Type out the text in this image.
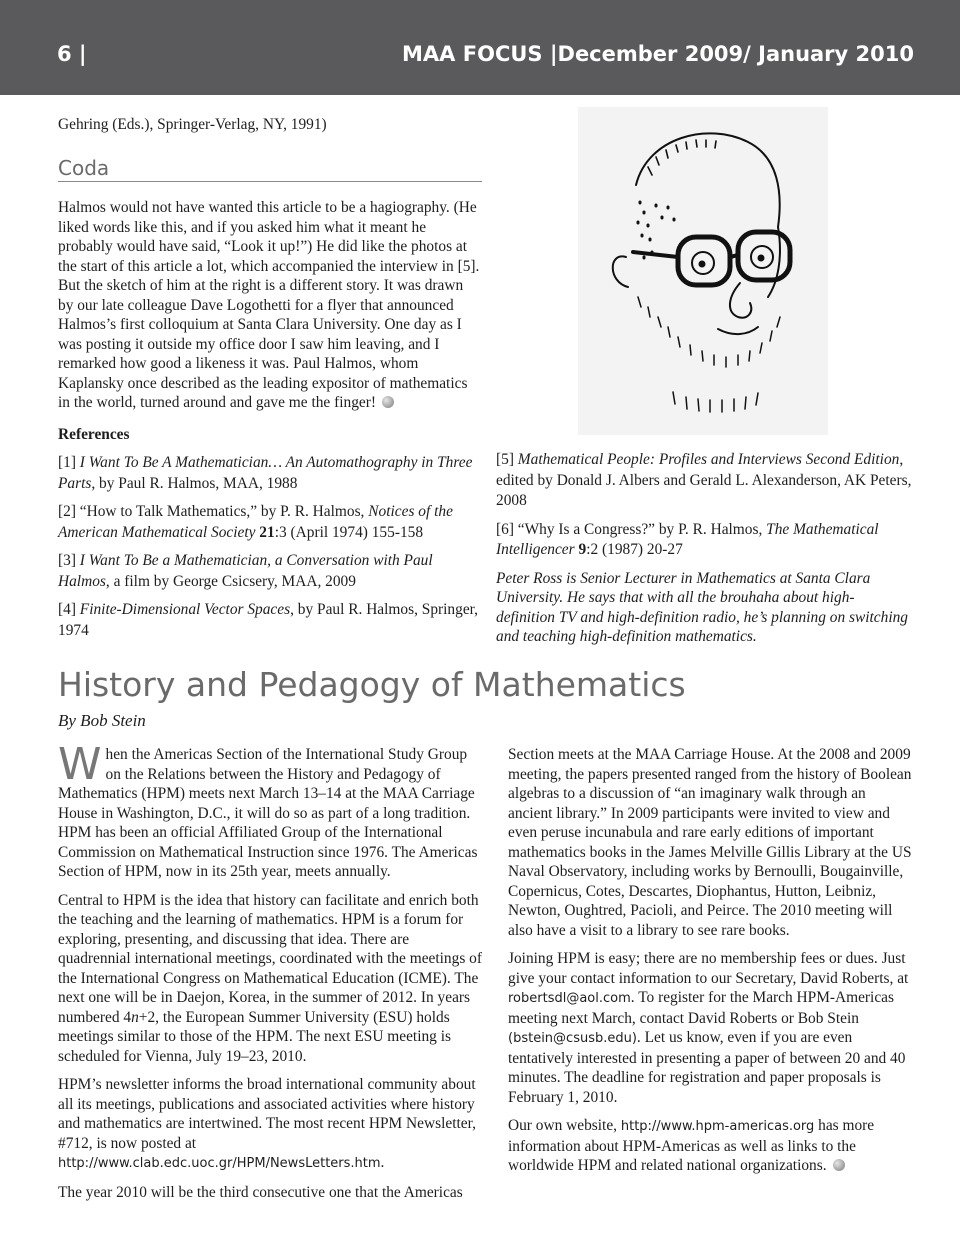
6 |	MAA FOCUS |December 2009/ January 2010

Gehring (Eds.), Springer-Verlag, NY, 1991)

Coda

Halmos would not have wanted this article to be a hagiography. (He liked words like this, and if you asked him what it meant he probably would have said, “Look it up!”) He did like the photos at the start of this article a lot, which accompanied the interview in [5]. But the sketch of him at the right is a different story. It was drawn by our late colleague Dave Logothetti for a flyer that announced Halmos’s first colloquium at Santa Clara University. One day as I was posting it outside my office door I saw him leaving, and I remarked how good a likeness it was. Paul Halmos, whom Kaplansky once described as the leading expositor of mathematics in the world, turned around and gave me the finger!

References

[1] I Want To Be A Mathematician… An Automathography in Three Parts, by Paul R. Halmos, MAA, 1988

[2] “How to Talk Mathematics,” by P. R. Halmos, Notices of the American Mathematical Society 21:3 (April 1974) 155-158

[3] I Want To Be a Mathematician, a Conversation with Paul Halmos, a film by George Csicsery, MAA, 2009

[4] Finite-Dimensional Vector Spaces, by Paul R. Halmos, Springer, 1974

[5] Mathematical People: Profiles and Interviews Second Edition, edited by Donald J. Albers and Gerald L. Alexanderson, AK Peters, 2008

[6] “Why Is a Congress?” by P. R. Halmos, The Mathematical Intelligencer 9:2 (1987) 20-27

Peter Ross is Senior Lecturer in Mathematics at Santa Clara University. He says that with all the brouhaha about high-definition TV and high-definition radio, he’s planning on switching and teaching high-definition mathematics.

History and Pedagogy of Mathematics
By Bob Stein

When the Americas Section of the International Study Group on the Relations between the History and Pedagogy of Mathematics (HPM) meets next March 13–14 at the MAA Carriage House in Washington, D.C., it will do so as part of a long tradition. HPM has been an official Affiliated Group of the International Commission on Mathematical Instruction since 1976. The Americas Section of HPM, now in its 25th year, meets annually.

Central to HPM is the idea that history can facilitate and enrich both the teaching and the learning of mathematics. HPM is a forum for exploring, presenting, and discussing that idea. There are quadrennial international meetings, coordinated with the meetings of the International Congress on Mathematical Education (ICME). The next one will be in Daejon, Korea, in the summer of 2012. In years numbered 4n+2, the European Summer University (ESU) holds meetings similar to those of the HPM. The next ESU meeting is scheduled for Vienna, July 19–23, 2010.

HPM’s newsletter informs the broad international community about all its meetings, publications and associated activities where history and mathematics are intertwined. The most recent HPM Newsletter, #712, is now posted at http://www.clab.edc.uoc.gr/HPM/NewsLetters.htm.

The year 2010 will be the third consecutive one that the Americas

Section meets at the MAA Carriage House. At the 2008 and 2009 meeting, the papers presented ranged from the history of Boolean algebras to a discussion of “an imaginary walk through an ancient library.” In 2009 participants were invited to view and even peruse incunabula and rare early editions of important mathematics books in the James Melville Gillis Library at the US Naval Observatory, including works by Bernoulli, Bougainville, Copernicus, Cotes, Descartes, Diophantus, Hutton, Leibniz, Newton, Oughtred, Pacioli, and Peirce. The 2010 meeting will also have a visit to a library to see rare books.

Joining HPM is easy; there are no membership fees or dues. Just give your contact information to our Secretary, David Roberts, at robertsdl@aol.com. To register for the March HPM-Americas meeting next March, contact David Roberts or Bob Stein (bstein@csusb.edu). Let us know, even if you are even tentatively interested in presenting a paper of between 20 and 40 minutes. The deadline for registration and paper proposals is February 1, 2010.

Our own website, http://www.hpm-americas.org has more information about HPM-Americas as well as links to the worldwide HPM and related national organizations.
